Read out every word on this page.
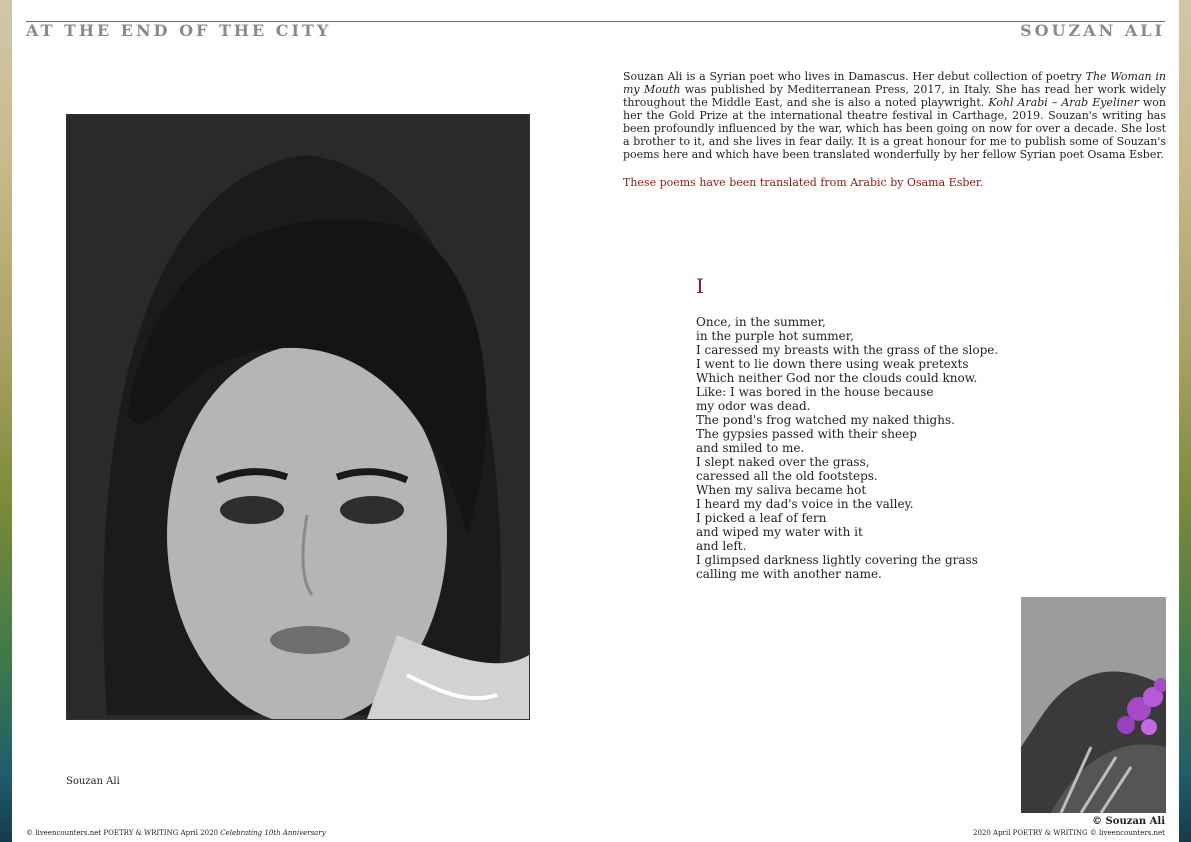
AT THE END OF THE CITY	SOUZAN ALI
Souzan Ali
Souzan Ali is a Syrian poet who lives in Damascus. Her debut collection of poetry The Woman in my Mouth was published by Mediterranean Press, 2017, in Italy. She has read her work widely throughout the Middle East, and she is also a noted playwright. Kohl Arabi – Arab Eyeliner won her the Gold Prize at the international theatre festival in Carthage, 2019. Souzan's writing has been profoundly influenced by the war, which has been going on now for over a decade. She lost a brother to it, and she lives in fear daily. It is a great honour for me to publish some of Souzan's poems here and which have been translated wonderfully by her fellow Syrian poet Osama Esber.
These poems have been translated from Arabic by Osama Esber.
I
Once, in the summer,
in the purple hot summer,
I caressed my breasts with the grass of the slope.
I went to lie down there using weak pretexts
Which neither God nor the clouds could know.
Like: I was bored in the house because
my odor was dead.
The pond's frog watched my naked thighs.
The gypsies passed with their sheep
and smiled to me.
I slept naked over the grass,
caressed all the old footsteps.
When my saliva became hot
I heard my dad's voice in the valley.
I picked a leaf of fern
and wiped my water with it
and left.
I glimpsed darkness lightly covering the grass
calling me with another name.
© Souzan Ali
© liveencounters.net POETRY & WRITING April 2020 Celebrating 10th Anniversary	2020 April POETRY & WRITING © liveencounters.net
